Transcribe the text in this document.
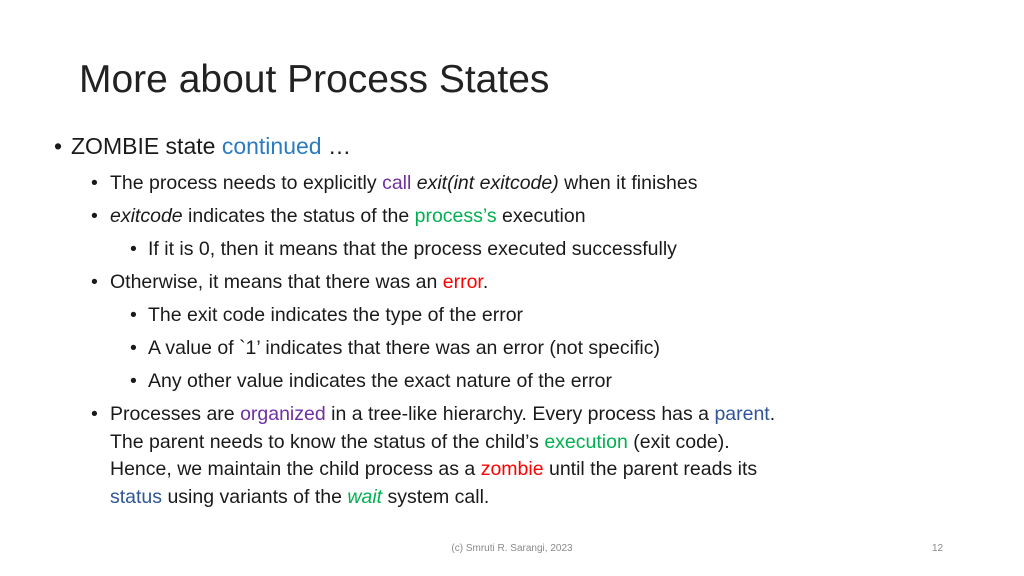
More about Process States
• ZOMBIE state continued …
• The process needs to explicitly call exit(int exitcode) when it finishes
• exitcode indicates the status of the process’s execution
• If it is 0, then it means that the process executed successfully
• Otherwise, it means that there was an error.
• The exit code indicates the type of the error
• A value of `1’ indicates that there was an error (not specific)
• Any other value indicates the exact nature of the error
• Processes are organized in a tree-like hierarchy. Every process has a parent.
The parent needs to know the status of the child’s execution (exit code).
Hence, we maintain the child process as a zombie until the parent reads its
status using variants of the wait system call.
(c) Smruti R. Sarangi, 2023	12
